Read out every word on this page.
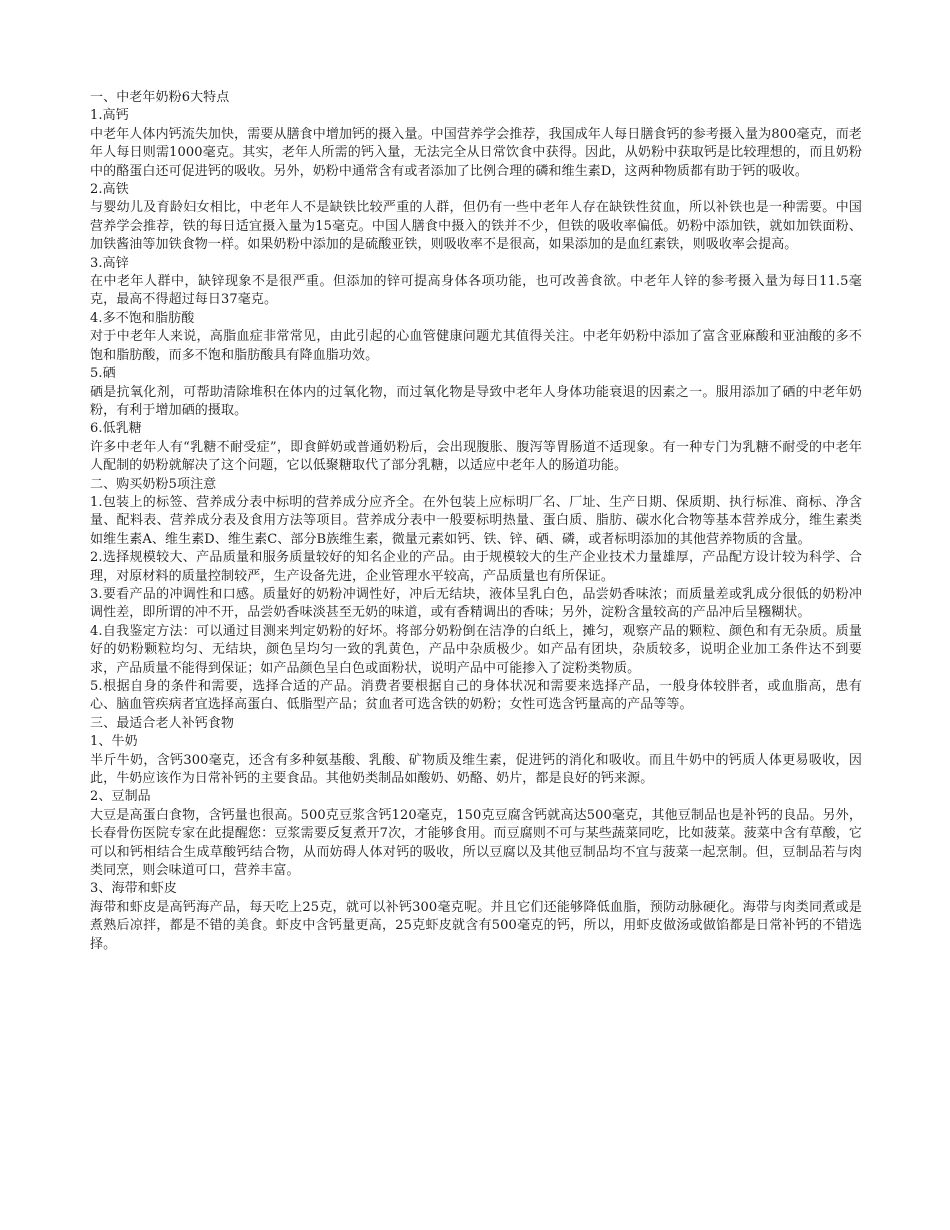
一、中老年奶粉6大特点

1.高钙

中老年人体内钙流失加快，需要从膳食中增加钙的摄入量。中国营养学会推荐，我国成年人每日膳食钙的参考摄入量为800毫克，而老年人每日则需1000毫克。其实，老年人所需的钙入量，无法完全从日常饮食中获得。因此，从奶粉中获取钙是比较理想的，而且奶粉中的酪蛋白还可促进钙的吸收。另外，奶粉中通常含有或者添加了比例合理的磷和维生素D，这两种物质都有助于钙的吸收。

2.高铁

与婴幼儿及育龄妇女相比，中老年人不是缺铁比较严重的人群，但仍有一些中老年人存在缺铁性贫血，所以补铁也是一种需要。中国营养学会推荐，铁的每日适宜摄入量为15毫克。中国人膳食中摄入的铁并不少，但铁的吸收率偏低。奶粉中添加铁，就如加铁面粉、加铁酱油等加铁食物一样。如果奶粉中添加的是硫酸亚铁，则吸收率不是很高，如果添加的是血红素铁，则吸收率会提高。

3.高锌

在中老年人群中，缺锌现象不是很严重。但添加的锌可提高身体各项功能，也可改善食欲。中老年人锌的参考摄入量为每日11.5毫克，最高不得超过每日37毫克。

4.多不饱和脂肪酸

对于中老年人来说，高脂血症非常常见，由此引起的心血管健康问题尤其值得关注。中老年奶粉中添加了富含亚麻酸和亚油酸的多不饱和脂肪酸，而多不饱和脂肪酸具有降血脂功效。

5.硒

硒是抗氧化剂，可帮助清除堆积在体内的过氧化物，而过氧化物是导致中老年人身体功能衰退的因素之一。服用添加了硒的中老年奶粉，有利于增加硒的摄取。

6.低乳糖

许多中老年人有“乳糖不耐受症”，即食鲜奶或普通奶粉后，会出现腹胀、腹泻等胃肠道不适现象。有一种专门为乳糖不耐受的中老年人配制的奶粉就解决了这个问题，它以低聚糖取代了部分乳糖，以适应中老年人的肠道功能。

二、购买奶粉5项注意

1.包装上的标签、营养成分表中标明的营养成分应齐全。在外包装上应标明厂名、厂址、生产日期、保质期、执行标准、商标、净含量、配料表、营养成分表及食用方法等项目。营养成分表中一般要标明热量、蛋白质、脂肪、碳水化合物等基本营养成分，维生素类如维生素A、维生素D、维生素C、部分B族维生素，微量元素如钙、铁、锌、硒、磷，或者标明添加的其他营养物质的含量。

2.选择规模较大、产品质量和服务质量较好的知名企业的产品。由于规模较大的生产企业技术力量雄厚，产品配方设计较为科学、合理，对原材料的质量控制较严，生产设备先进，企业管理水平较高，产品质量也有所保证。

3.要看产品的冲调性和口感。质量好的奶粉冲调性好，冲后无结块，液体呈乳白色，品尝奶香味浓；而质量差或乳成分很低的奶粉冲调性差，即所谓的冲不开，品尝奶香味淡甚至无奶的味道，或有香精调出的香味；另外，淀粉含量较高的产品冲后呈糨糊状。

4.自我鉴定方法：可以通过目测来判定奶粉的好坏。将部分奶粉倒在洁净的白纸上，摊匀，观察产品的颗粒、颜色和有无杂质。质量好的奶粉颗粒均匀、无结块，颜色呈均匀一致的乳黄色，产品中杂质极少。如产品有团块，杂质较多，说明企业加工条件达不到要求，产品质量不能得到保证；如产品颜色呈白色或面粉状，说明产品中可能掺入了淀粉类物质。

5.根据自身的条件和需要，选择合适的产品。消费者要根据自己的身体状况和需要来选择产品，一般身体较胖者，或血脂高，患有心、脑血管疾病者宜选择高蛋白、低脂型产品；贫血者可选含铁的奶粉；女性可选含钙量高的产品等等。

三、最适合老人补钙食物

1、牛奶

半斤牛奶，含钙300毫克，还含有多种氨基酸、乳酸、矿物质及维生素，促进钙的消化和吸收。而且牛奶中的钙质人体更易吸收，因此，牛奶应该作为日常补钙的主要食品。其他奶类制品如酸奶、奶酪、奶片，都是良好的钙来源。

2、豆制品

大豆是高蛋白食物，含钙量也很高。500克豆浆含钙120毫克，150克豆腐含钙就高达500毫克，其他豆制品也是补钙的良品。另外，长春骨伤医院专家在此提醒您：豆浆需要反复煮开7次，才能够食用。而豆腐则不可与某些蔬菜同吃，比如菠菜。菠菜中含有草酸，它可以和钙相结合生成草酸钙结合物，从而妨碍人体对钙的吸收，所以豆腐以及其他豆制品均不宜与菠菜一起烹制。但，豆制品若与肉类同烹，则会味道可口，营养丰富。

3、海带和虾皮

海带和虾皮是高钙海产品，每天吃上25克，就可以补钙300毫克呢。并且它们还能够降低血脂，预防动脉硬化。海带与肉类同煮或是煮熟后凉拌，都是不错的美食。虾皮中含钙量更高，25克虾皮就含有500毫克的钙，所以，用虾皮做汤或做馅都是日常补钙的不错选择。
